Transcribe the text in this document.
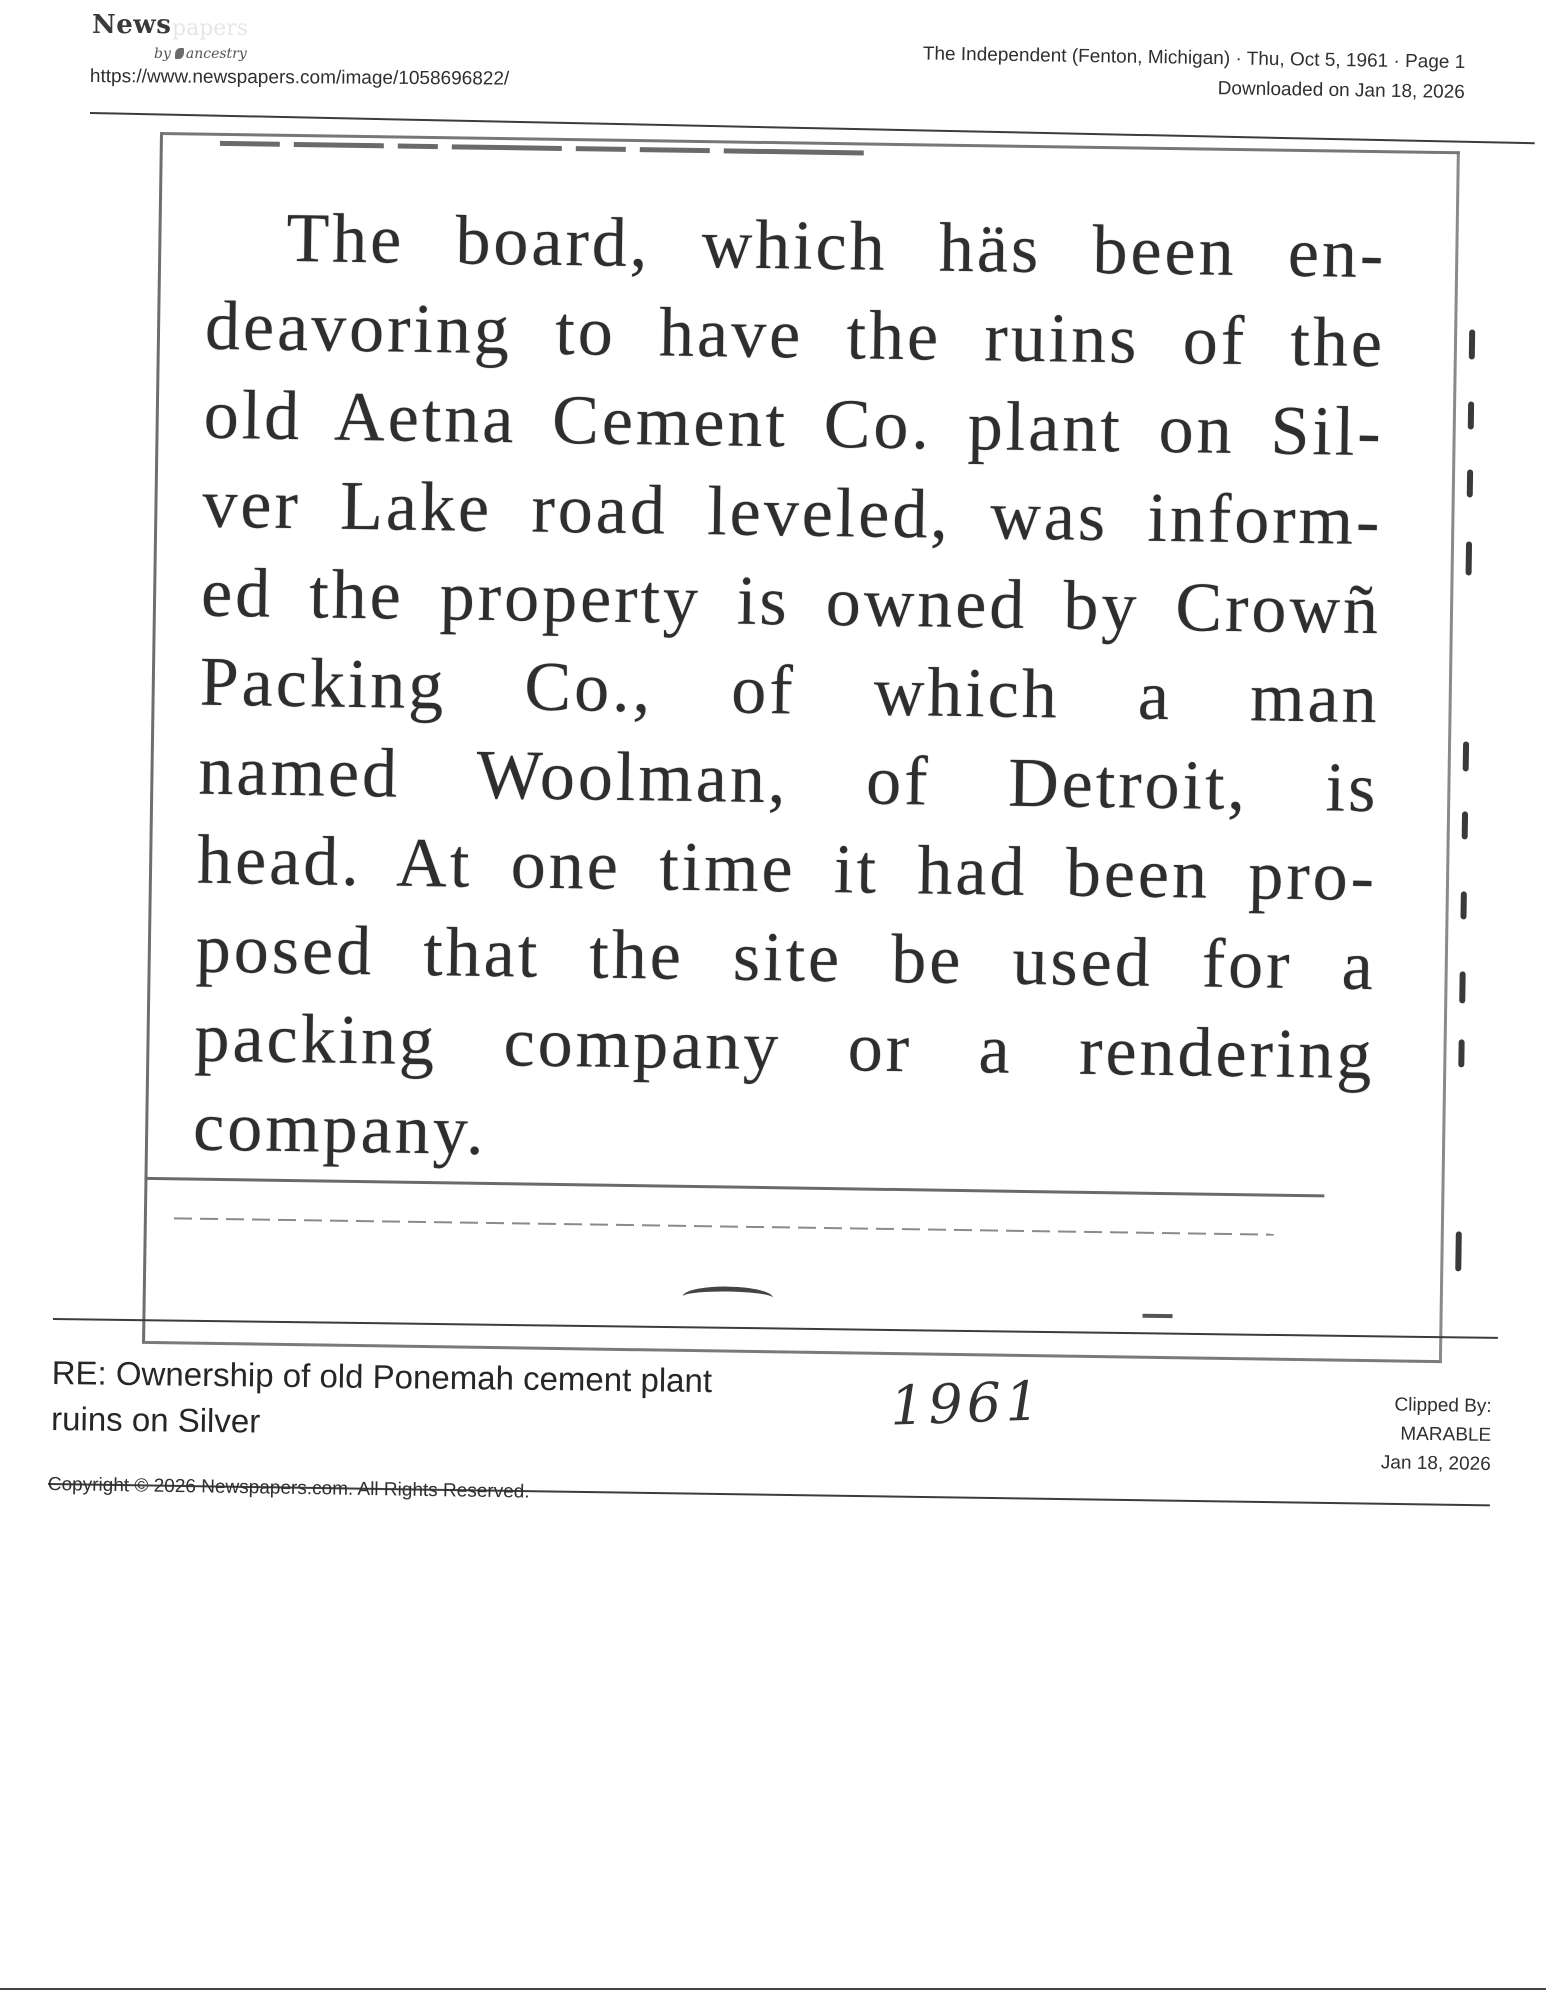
News papers
by ancestry
https://www.newspapers.com/image/1058696822/
The Independent (Fenton, Michigan) · Thu, Oct 5, 1961 · Page 1
Downloaded on Jan 18, 2026
The board, which häs been en-
deavoring to have the ruins of the
old Aetna Cement Co. plant on Sil-
ver Lake road leveled, was inform-
ed the property is owned by Crowñ
Packing Co., of which a man
named Woolman, of Detroit, is
head. At one time it had been pro-
posed that the site be used for a
packing company or a rendering
company.
RE: Ownership of old Ponemah cement plant ruins on Silver	1961	Clipped By:
MARABLE
Jan 18, 2026
Copyright © 2026 Newspapers.com. All Rights Reserved.
